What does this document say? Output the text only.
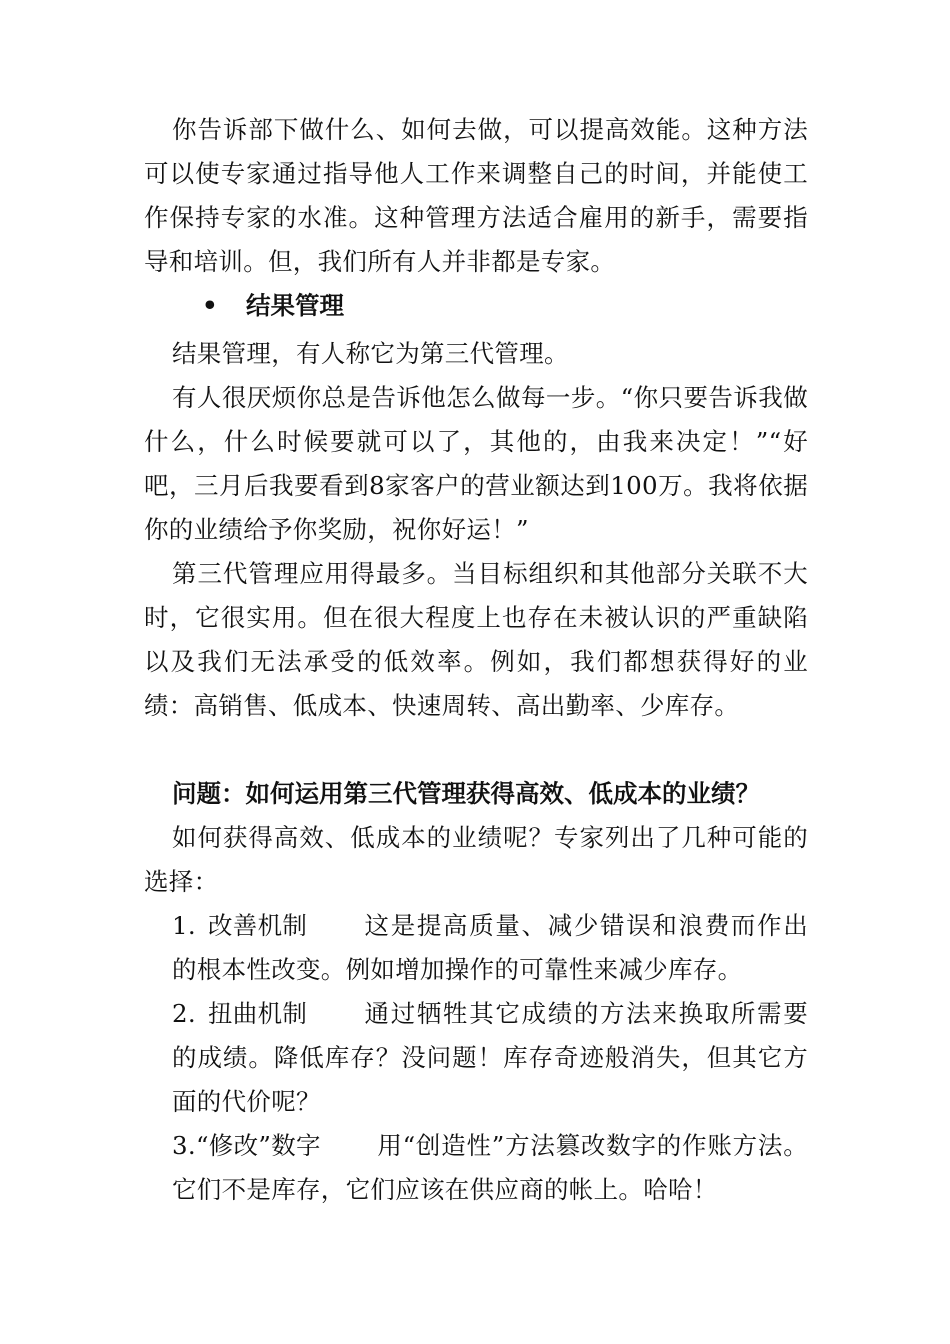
你告诉部下做什么、如何去做，可以提高效能。这种方法可以使专家通过指导他人工作来调整自己的时间，并能使工作保持专家的水准。这种管理方法适合雇用的新手，需要指导和培训。但，我们所有人并非都是专家。

• 结果管理

结果管理，有人称它为第三代管理。

有人很厌烦你总是告诉他怎么做每一步。“你只要告诉我做什么，什么时候要就可以了，其他的，由我来决定！”“好吧，三月后我要看到8家客户的营业额达到100万。我将依据你的业绩给予你奖励，祝你好运！”

第三代管理应用得最多。当目标组织和其他部分关联不大时，它很实用。但在很大程度上也存在未被认识的严重缺陷以及我们无法承受的低效率。例如，我们都想获得好的业绩：高销售、低成本、快速周转、高出勤率、少库存。

问题：如何运用第三代管理获得高效、低成本的业绩？

如何获得高效、低成本的业绩呢？专家列出了几种可能的选择：

1. 改善机制 这是提高质量、减少错误和浪费而作出的根本性改变。例如增加操作的可靠性来减少库存。

2. 扭曲机制 通过牺牲其它成绩的方法来换取所需要的成绩。降低库存？没问题！库存奇迹般消失，但其它方面的代价呢？

3.“修改”数字 用“创造性”方法篡改数字的作账方法。它们不是库存，它们应该在供应商的帐上。哈哈！
